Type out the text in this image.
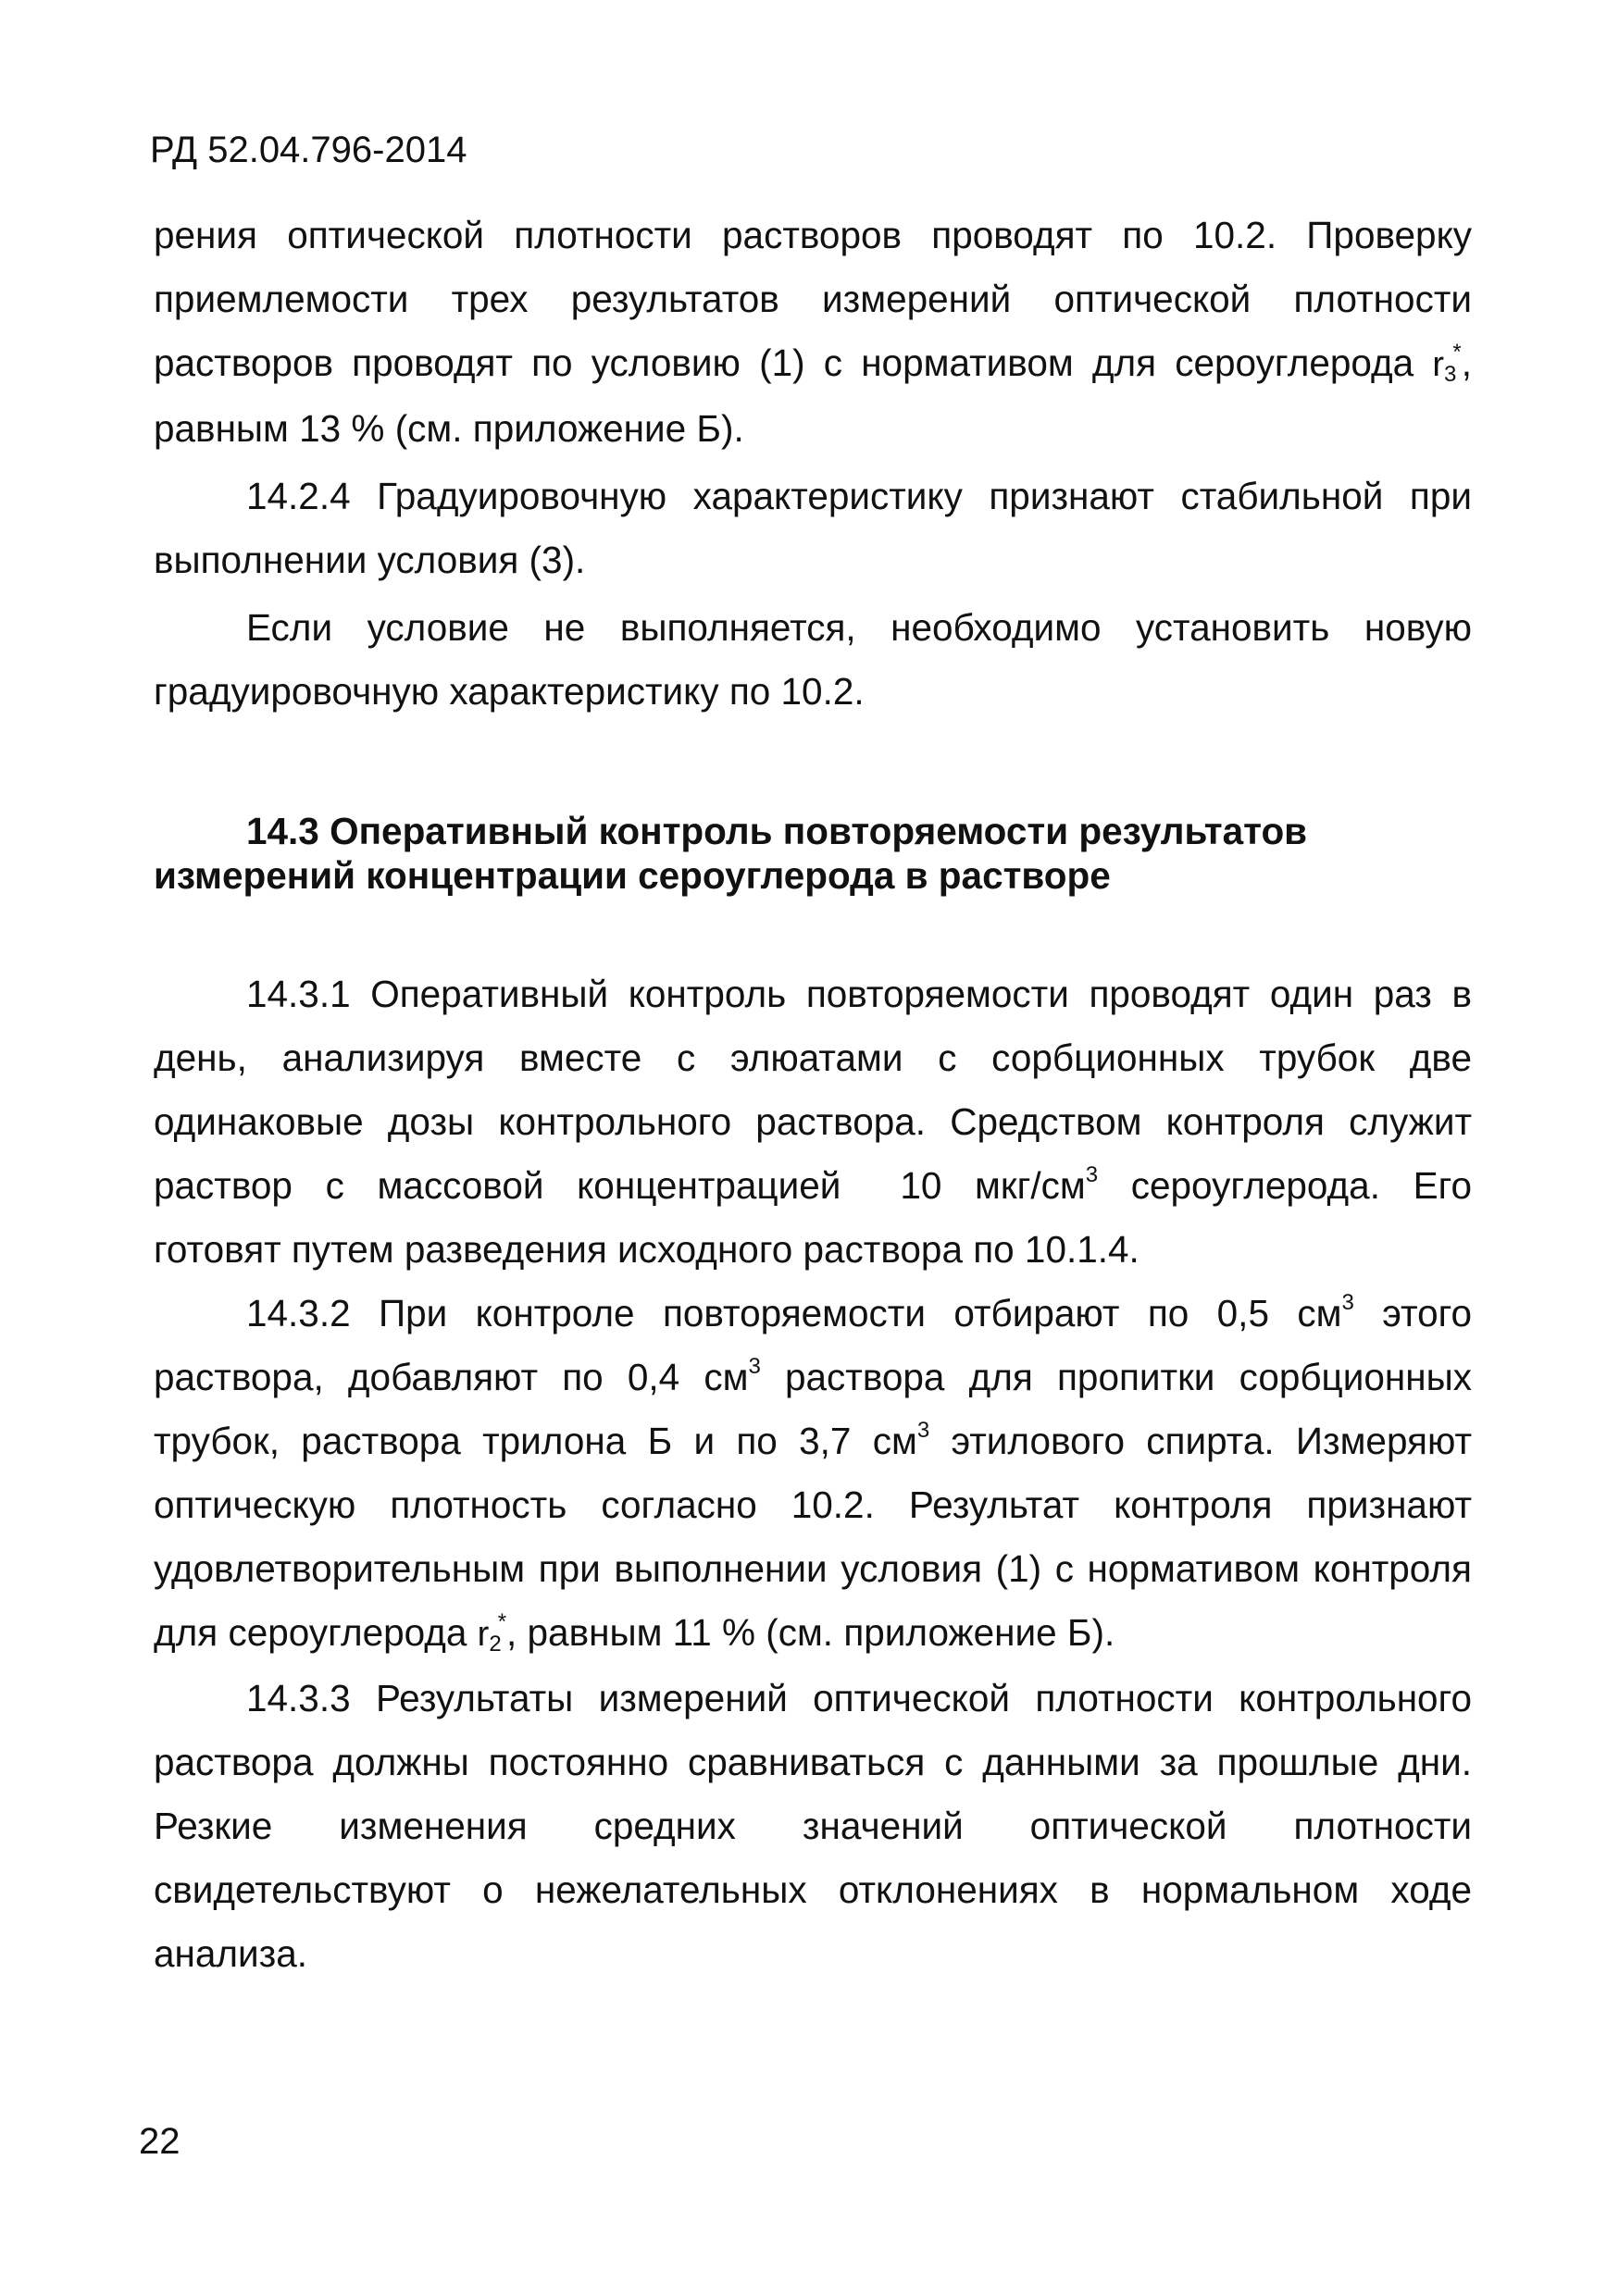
РД 52.04.796-2014

рения оптической плотности растворов проводят по 10.2. Проверку приемлемости трех результатов измерений оптической плотности растворов проводят по условию (1) с нормативом для сероуглерода $r_3^*$, равным 13 % (см. приложение Б).

14.2.4 Градуировочную характеристику признают стабильной при выполнении условия (3).

Если условие не выполняется, необходимо установить новую градуировочную характеристику по 10.2.

14.3 Оперативный контроль повторяемости результатов измерений концентрации сероуглерода в растворе

14.3.1 Оперативный контроль повторяемости проводят один раз в день, анализируя вместе с элюатами с сорбционных трубок две одинаковые дозы контрольного раствора. Средством контроля служит раствор с массовой концентрацией 10 мкг/$см^3$ сероуглерода. Его готовят путем разведения исходного раствора по 10.1.4.

14.3.2 При контроле повторяемости отбирают по 0,5 $см^3$ этого раствора, добавляют по 0,4 $см^3$ раствора для пропитки сорбционных трубок, раствора трилона Б и по 3,7 $см^3$ этилового спирта. Измеряют оптическую плотность согласно 10.2. Результат контроля признают удовлетворительным при выполнении условия (1) с нормативом контроля для сероуглерода $r_2^*$, равным 11 % (см. приложение Б).

14.3.3 Результаты измерений оптической плотности контрольного раствора должны постоянно сравниваться с данными за прошлые дни. Резкие изменения средних значений оптической плотности свидетельствуют о нежелательных отклонениях в нормальном ходе анализа.

22
